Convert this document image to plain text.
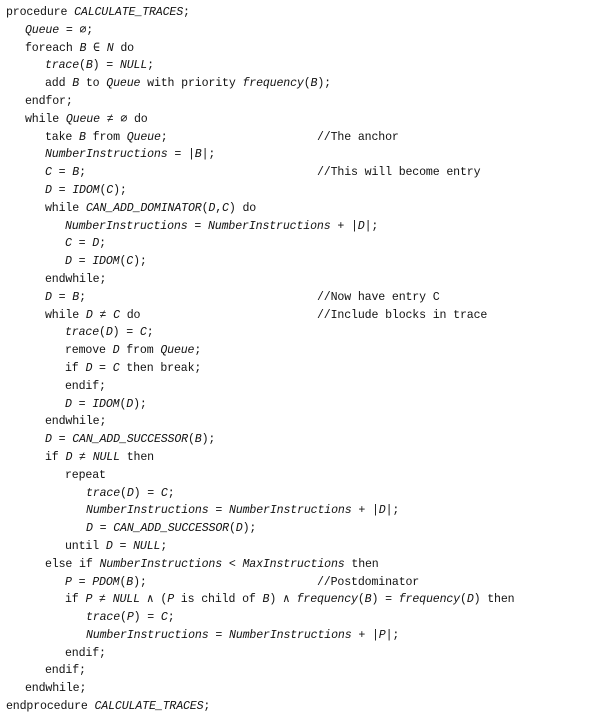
procedure CALCULATE_TRACES;
Queue = ∅;
foreach B ∈ N do
trace(B) = NULL;
add B to Queue with priority frequency(B);
endfor;
while Queue ≠ ∅ do
take B from Queue;	//The anchor
NumberInstructions = |B|;
C = B;	//This will become entry
D = IDOM(C);
while CAN_ADD_DOMINATOR(D,C) do
NumberInstructions = NumberInstructions + |D|;
C = D;
D = IDOM(C);
endwhile;
D = B;	//Now have entry C
while D ≠ C do	//Include blocks in trace
trace(D) = C;
remove D from Queue;
if D = C then break;
endif;
D = IDOM(D);
endwhile;
D = CAN_ADD_SUCCESSOR(B);
if D ≠ NULL then
repeat
trace(D) = C;
NumberInstructions = NumberInstructions + |D|;
D = CAN_ADD_SUCCESSOR(D);
until D = NULL;
else if NumberInstructions < MaxInstructions then
P = PDOM(B);	//Postdominator
if P ≠ NULL ∧ (P is child of B) ∧ frequency(B) = frequency(D) then
trace(P) = C;
NumberInstructions = NumberInstructions + |P|;
endif;
endif;
endwhile;
endprocedure CALCULATE_TRACES;
